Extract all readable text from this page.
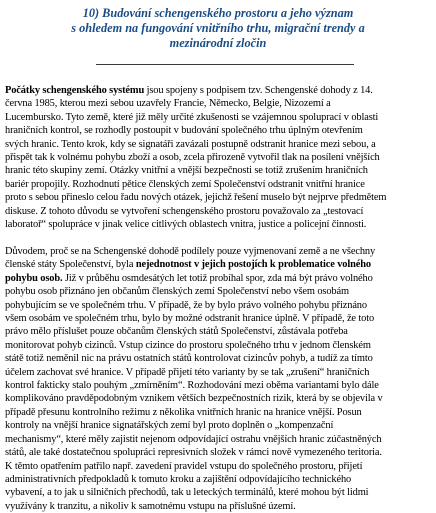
10) Budování schengenského prostoru a jeho význam
s ohledem na fungování vnitřního trhu, migrační trendy a
mezinárodní zločin
Počátky schengenského systému jsou spojeny s podpisem tzv. Schengenské dohody z 14.
června 1985, kterou mezi sebou uzavřely Francie, Německo, Belgie, Nizozemí a
Lucembursko. Tyto země, které již měly určité zkušenosti se vzájemnou spoluprací v oblasti
hraničních kontrol, se rozhodly postoupit v budování společného trhu úplným otevřením
svých hranic. Tento krok, kdy se signatáři zavázali postupně odstranit hranice mezi sebou, a
přispět tak k volnému pohybu zboží a osob, zcela přirozeně vytvořil tlak na posílení vnějších
hranic této skupiny zemí. Otázky vnitřní a vnější bezpečnosti se totiž zrušením hraničních
bariér propojily. Rozhodnutí pětice členských zemí Společenství odstranit vnitřní hranice
proto s sebou přineslo celou řadu nových otázek, jejichž řešení muselo být nejprve předmětem
diskuse. Z tohoto důvodu se vytvoření schengenského prostoru považovalo za „testovací
laboratoř“ spolupráce v jinak velice citlivých oblastech vnitra, justice a policejní činnosti.
Důvodem, proč se na Schengenské dohodě podílely pouze vyjmenovaní země a ne všechny
členské státy Společenství, byla nejednotnost v jejich postojích k problematice volného
pohybu osob. Již v průběhu osmdesátých let totiž probíhal spor, zda má být právo volného
pohybu osob přiznáno jen občanům členských zemí Společenství nebo všem osobám
pohybujícím se ve společném trhu. V případě, že by bylo právo volného pohybu přiznáno
všem osobám ve společném trhu, bylo by možné odstranit hranice úplně. V případě, že toto
právo mělo příslušet pouze občanům členských států Společenství, zůstávala potřeba
monitorovat pohyb cizinců. Vstup cizince do prostoru společného trhu v jednom členském
státě totiž neměnil nic na právu ostatních států kontrolovat cizincův pohyb, a tudíž za tímto
účelem zachovat své hranice. V případě přijetí této varianty by se tak „zrušení“ hraničních
kontrol fakticky stalo pouhým „zmírněním“. Rozhodování mezi oběma variantami bylo dále
komplikováno pravděpodobným vznikem větších bezpečnostních rizik, která by se objevila v
případě přesunu kontrolního režimu z několika vnitřních hranic na hranice vnější. Posun
kontroly na vnější hranice signatářských zemí byl proto doplněn o „kompenzační
mechanismy“, které měly zajistit nejenom odpovídající ostrahu vnějších hranic zúčastněných
států, ale také dostatečnou spolupráci represivních složek v rámci nově vymezeného teritoria.
K těmto opatřením patřilo např. zavedení pravidel vstupu do společného prostoru, přijetí
administrativních předpokladů k tomuto kroku a zajištění odpovídajícího technického
vybavení, a to jak u silničních přechodů, tak u leteckých terminálů, které mohou být lidmi
využívány k tranzitu, a nikoliv k samotnému vstupu na příslušné území.
